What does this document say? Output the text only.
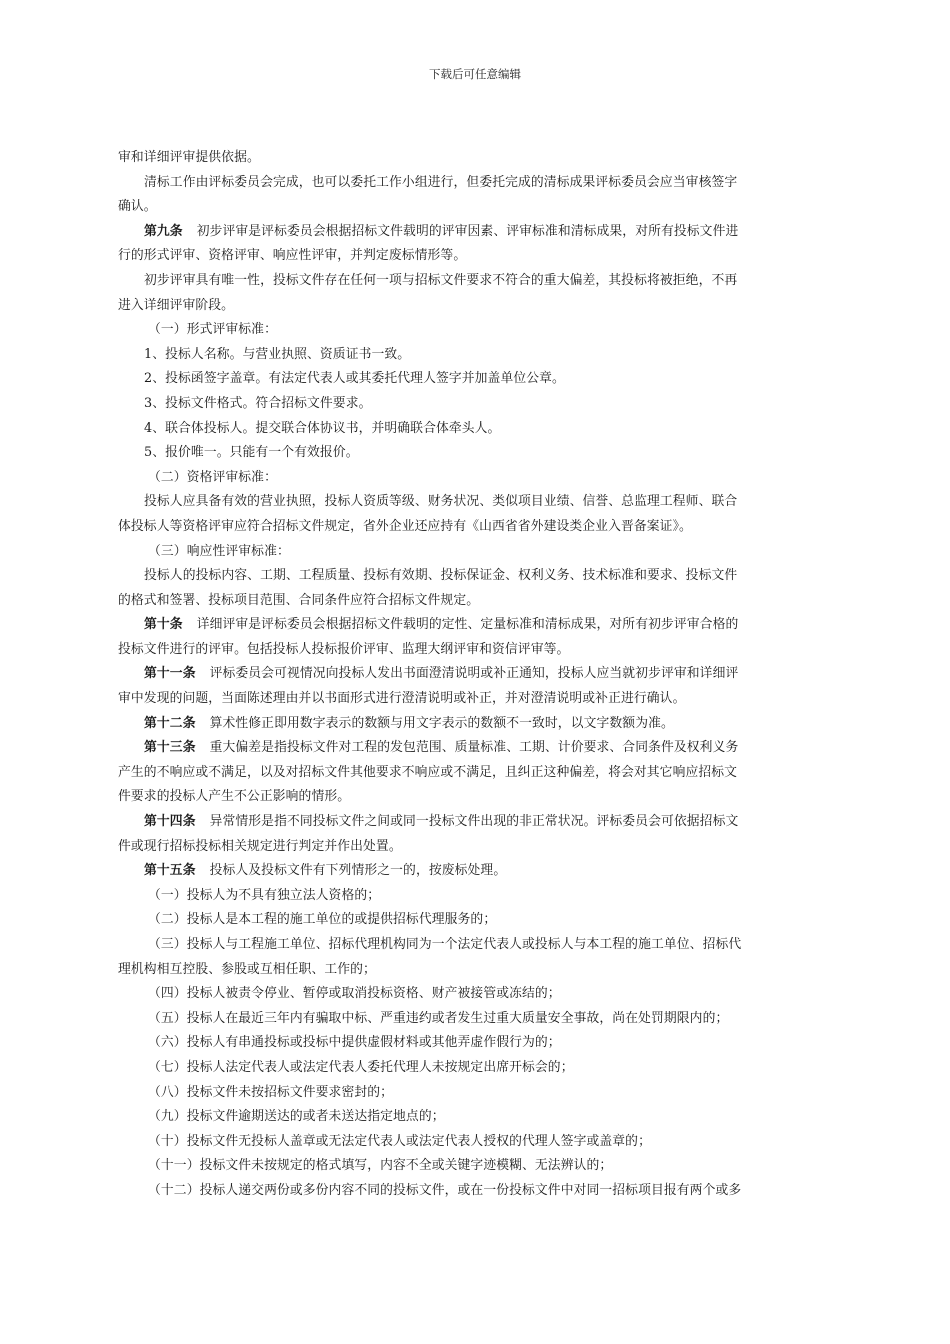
下载后可任意编辑
审和详细评审提供依据。
清标工作由评标委员会完成，也可以委托工作小组进行，但委托完成的清标成果评标委员会应当审核签字
确认。
第九条 初步评审是评标委员会根据招标文件载明的评审因素、评审标准和清标成果，对所有投标文件进
行的形式评审、资格评审、响应性评审，并判定废标情形等。
初步评审具有唯一性，投标文件存在任何一项与招标文件要求不符合的重大偏差，其投标将被拒绝，不再
进入详细评审阶段。
（一）形式评审标准：
1、投标人名称。与营业执照、资质证书一致。
2、投标函签字盖章。有法定代表人或其委托代理人签字并加盖单位公章。
3、投标文件格式。符合招标文件要求。
4、联合体投标人。提交联合体协议书，并明确联合体牵头人。
5、报价唯一。只能有一个有效报价。
（二）资格评审标准：
投标人应具备有效的营业执照，投标人资质等级、财务状况、类似项目业绩、信誉、总监理工程师、联合
体投标人等资格评审应符合招标文件规定，省外企业还应持有《山西省省外建设类企业入晋备案证》。
（三）响应性评审标准：
投标人的投标内容、工期、工程质量、投标有效期、投标保证金、权利义务、技术标准和要求、投标文件
的格式和签署、投标项目范围、合同条件应符合招标文件规定。
第十条 详细评审是评标委员会根据招标文件载明的定性、定量标准和清标成果，对所有初步评审合格的
投标文件进行的评审。包括投标人投标报价评审、监理大纲评审和资信评审等。
第十一条 评标委员会可视情况向投标人发出书面澄清说明或补正通知，投标人应当就初步评审和详细评
审中发现的问题，当面陈述理由并以书面形式进行澄清说明或补正，并对澄清说明或补正进行确认。
第十二条 算术性修正即用数字表示的数额与用文字表示的数额不一致时，以文字数额为准。
第十三条 重大偏差是指投标文件对工程的发包范围、质量标准、工期、计价要求、合同条件及权利义务
产生的不响应或不满足，以及对招标文件其他要求不响应或不满足，且纠正这种偏差，将会对其它响应招标文
件要求的投标人产生不公正影响的情形。
第十四条 异常情形是指不同投标文件之间或同一投标文件出现的非正常状况。评标委员会可依据招标文
件或现行招标投标相关规定进行判定并作出处置。
第十五条 投标人及投标文件有下列情形之一的，按废标处理。
（一）投标人为不具有独立法人资格的；
（二）投标人是本工程的施工单位的或提供招标代理服务的；
（三）投标人与工程施工单位、招标代理机构同为一个法定代表人或投标人与本工程的施工单位、招标代
理机构相互控股、参股或互相任职、工作的；
（四）投标人被责令停业、暂停或取消投标资格、财产被接管或冻结的；
（五）投标人在最近三年内有骗取中标、严重违约或者发生过重大质量安全事故，尚在处罚期限内的；
（六）投标人有串通投标或投标中提供虚假材料或其他弄虚作假行为的；
（七）投标人法定代表人或法定代表人委托代理人未按规定出席开标会的；
（八）投标文件未按招标文件要求密封的；
（九）投标文件逾期送达的或者未送达指定地点的；
（十）投标文件无投标人盖章或无法定代表人或法定代表人授权的代理人签字或盖章的；
（十一）投标文件未按规定的格式填写，内容不全或关键字迹模糊、无法辨认的；
（十二）投标人递交两份或多份内容不同的投标文件，或在一份投标文件中对同一招标项目报有两个或多
